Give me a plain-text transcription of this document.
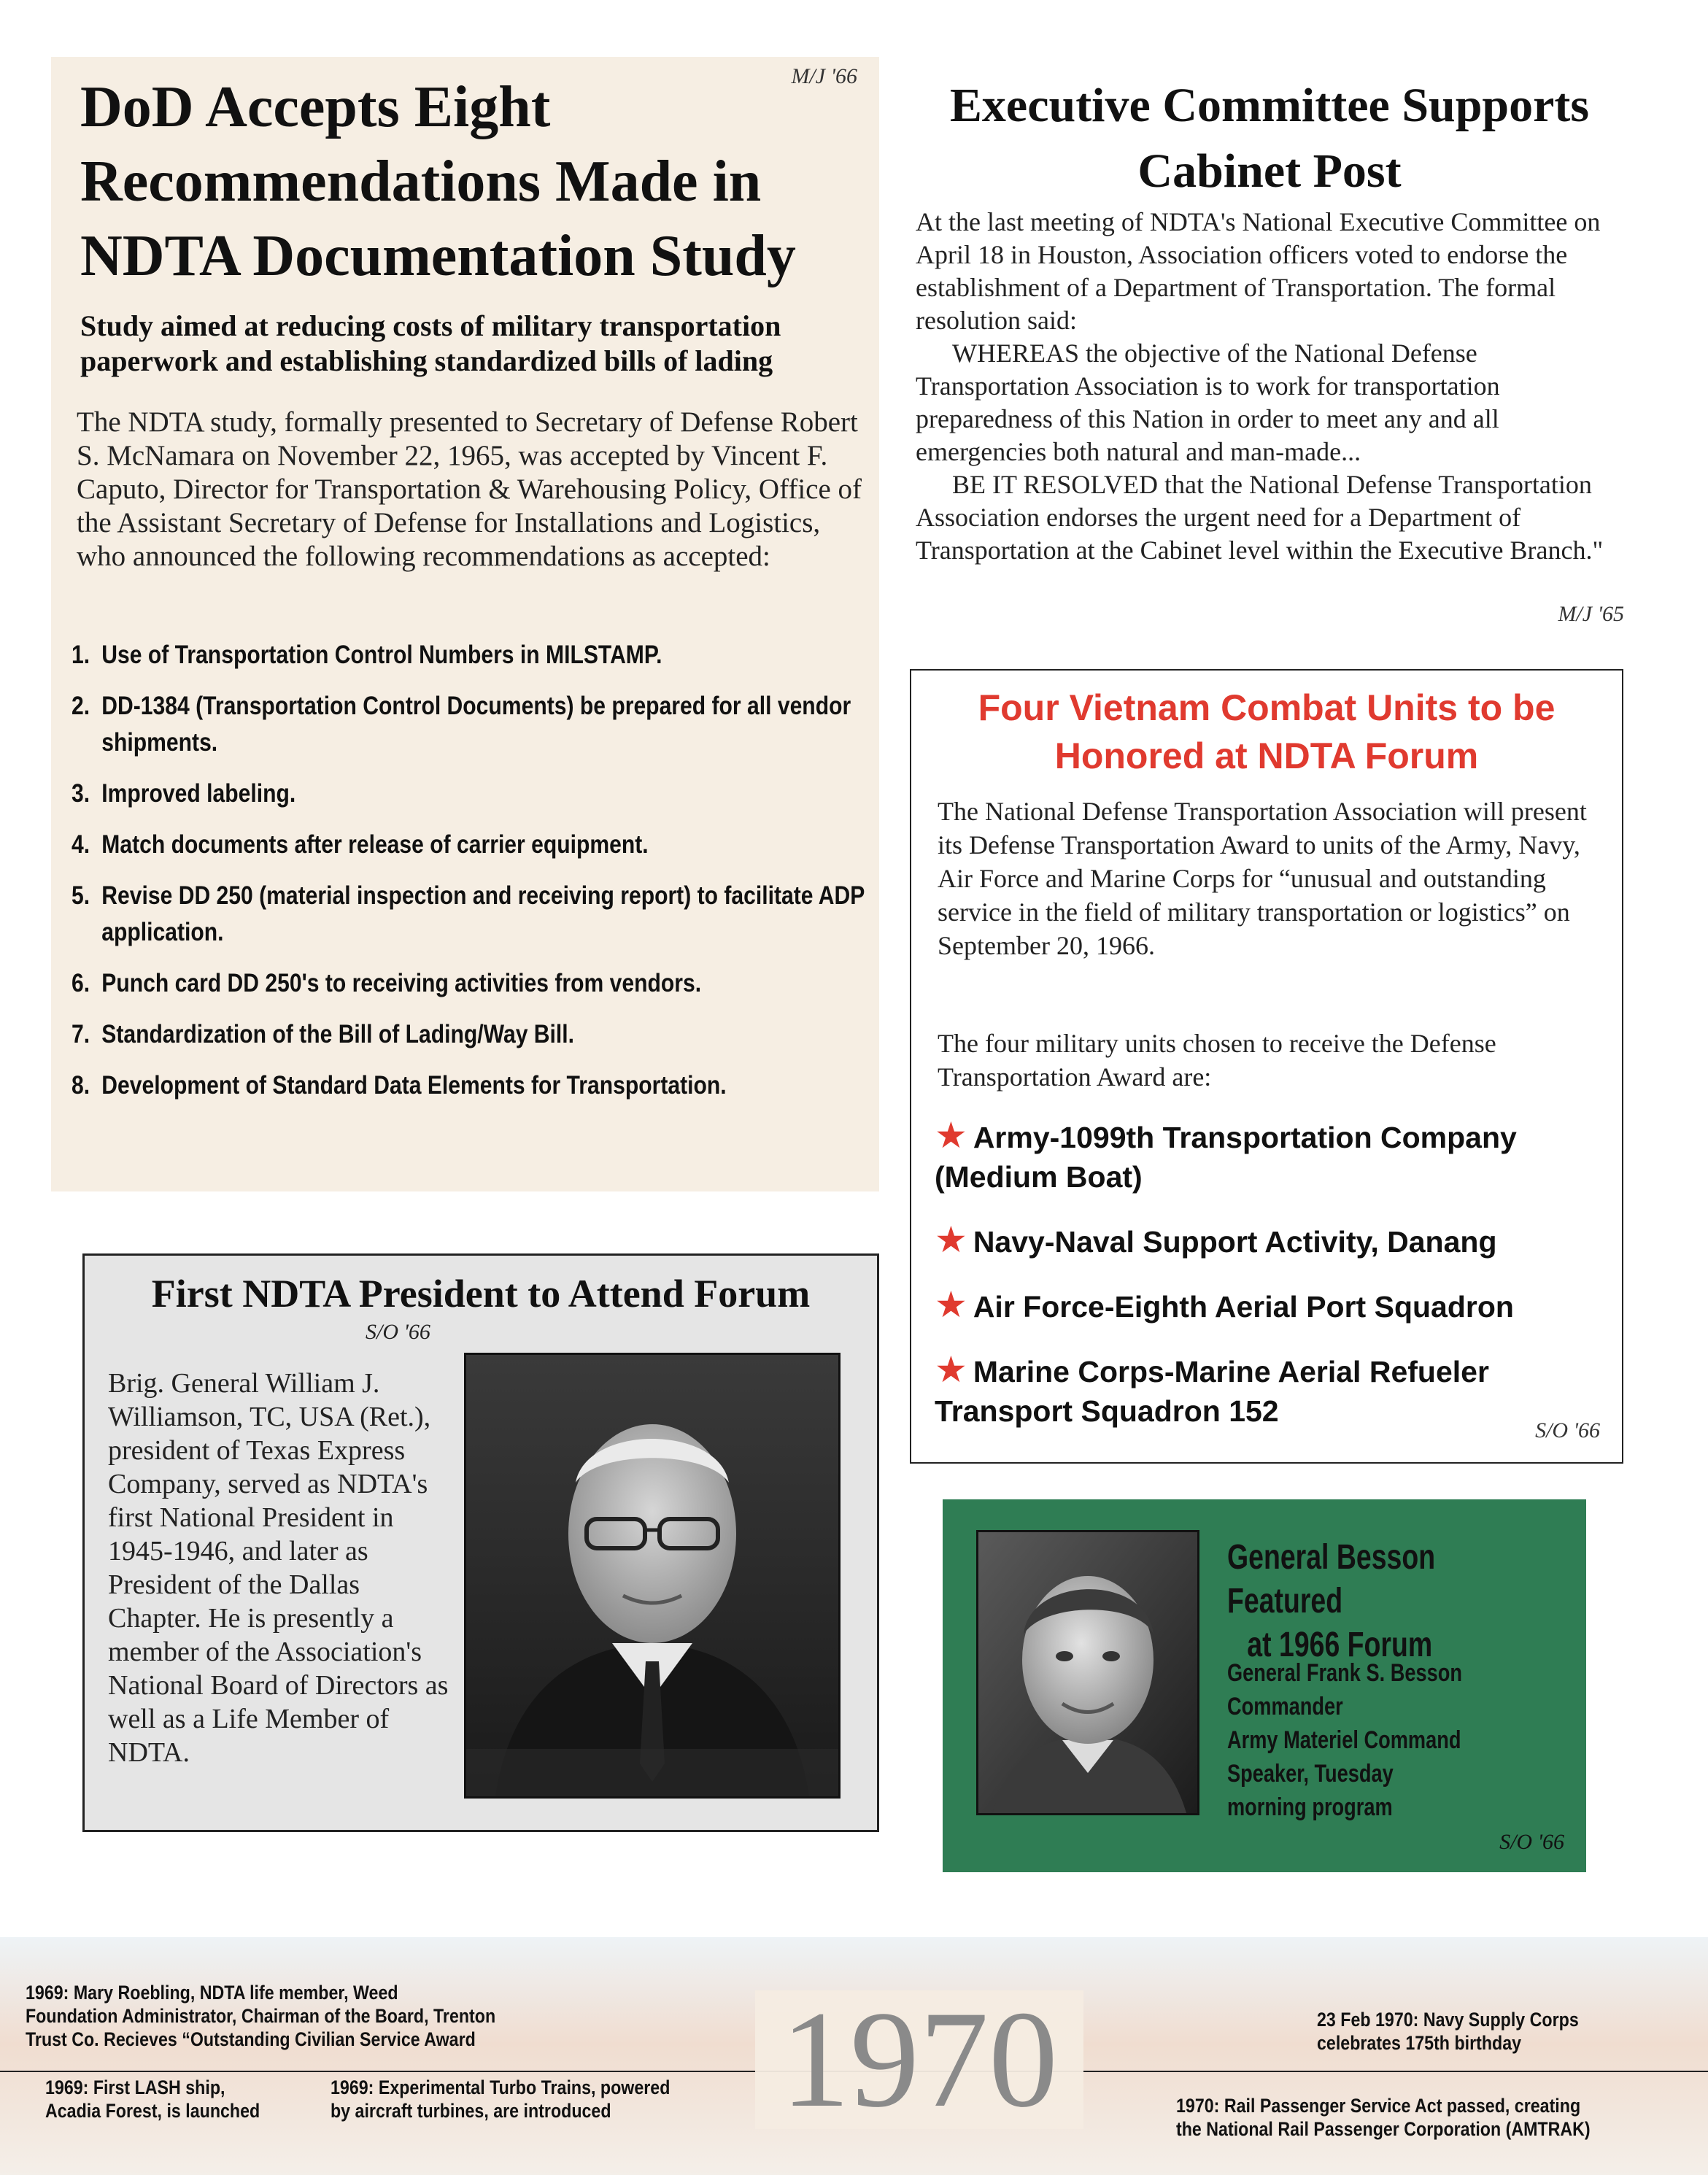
M/J '66
DoD Accepts Eight Recommendations Made in NDTA Documentation Study
Study aimed at reducing costs of military transportation paperwork and establishing standardized bills of lading

The NDTA study, formally presented to Secretary of Defense Robert S. McNamara on November 22, 1965, was accepted by Vincent F. Caputo, Director for Transportation & Warehousing Policy, Office of the Assistant Secretary of Defense for Installations and Logistics, who announced the following recommendations as accepted:

1. Use of Transportation Control Numbers in MILSTAMP.
2. DD-1384 (Transportation Control Documents) be prepared for all vendor shipments.
3. Improved labeling.
4. Match documents after release of carrier equipment.
5. Revise DD 250 (material inspection and receiving report) to facilitate ADP application.
6. Punch card DD 250's to receiving activities from vendors.
7. Standardization of the Bill of Lading/Way Bill.
8. Development of Standard Data Elements for Transportation.
Executive Committee Supports Cabinet Post

At the last meeting of NDTA's National Executive Committee on April 18 in Houston, Association officers voted to endorse the establishment of a Department of Transportation. The formal resolution said:

WHEREAS the objective of the National Defense Transportation Association is to work for transportation preparedness of this Nation in order to meet any and all emergencies both natural and man-made...

BE IT RESOLVED that the National Defense Transportation Association endorses the urgent need for a Department of Transportation at the Cabinet level within the Executive Branch."

M/J '65
Four Vietnam Combat Units to be Honored at NDTA Forum

The National Defense Transportation Association will present its Defense Transportation Award to units of the Army, Navy, Air Force and Marine Corps for “unusual and outstanding service in the field of military transportation or logistics” on September 20, 1966.

The four military units chosen to receive the Defense Transportation Award are:

★ Army-1099th Transportation Company (Medium Boat)
★ Navy-Naval Support Activity, Danang
★ Air Force-Eighth Aerial Port Squadron
★ Marine Corps-Marine Aerial Refueler Transport Squadron 152
S/O '66
First NDTA President to Attend Forum
S/O '66

Brig. General William J. Williamson, TC, USA (Ret.), president of Texas Express Company, served as NDTA's first National President in 1945-1946, and later as President of the Dallas Chapter. He is presently a member of the Association's National Board of Directors as well as a Life Member of NDTA.

General Besson Featured
at 1966 Forum

General Frank S. Besson
Commander
Army Materiel Command
Speaker, Tuesday
morning program

S/O '66
1969: Mary Roebling, NDTA life member, Weed
Foundation Administrator, Chairman of the Board, Trenton
Trust Co. Recieves “Outstanding Civilian Service Award
23 Feb 1970: Navy Supply Corps
celebrates 175th birthday
1969: First LASH ship,
Acadia Forest, is launched
1969: Experimental Turbo Trains, powered
by aircraft turbines, are introduced	1970: Rail Passenger Service Act passed, creating
the National Rail Passenger Corporation (AMTRAK)
1970
